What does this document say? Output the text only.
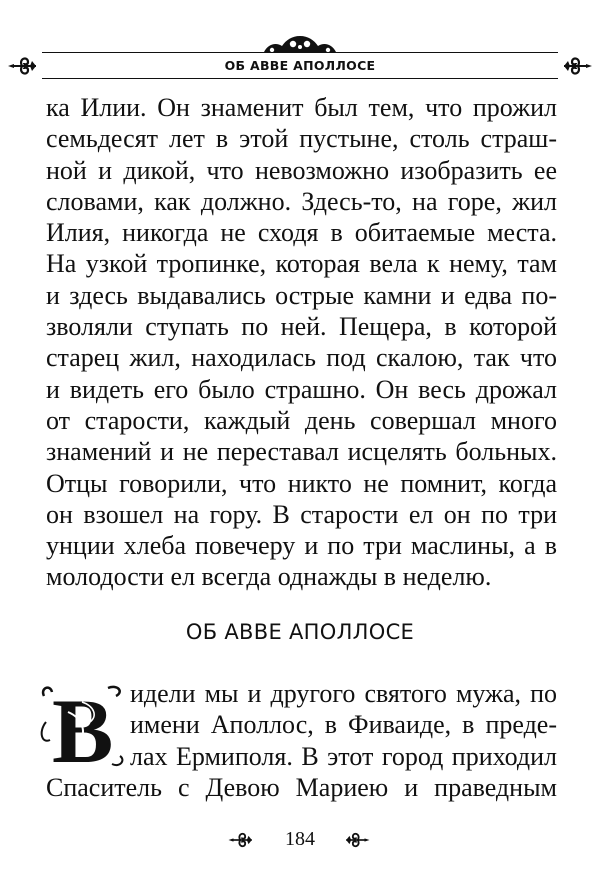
ОБ АВВЕ АПОЛЛОСЕ
ка Илии. Он знаменит был тем, что прожил
семьдесят лет в этой пустыне, столь страш-
ной и дикой, что невозможно изобразить ее
словами, как должно. Здесь-то, на горе, жил
Илия, никогда не сходя в обитаемые места.
На узкой тропинке, которая вела к нему, там
и здесь выдавались острые камни и едва по-
зволяли ступать по ней. Пещера, в которой
старец жил, находилась под скалою, так что
и видеть его было страшно. Он весь дрожал
от старости, каждый день совершал много
знамений и не переставал исцелять больных.
Отцы говорили, что никто не помнит, когда
он взошел на гору. В старости ел он по три
унции хлеба повечеру и по три маслины, а в
молодости ел всегда однажды в неделю.
ОБ АВВЕ АПОЛЛОСЕ
В идели мы и другого святого мужа, по
имени Аполлос, в Фиваиде, в преде-
лах Ермиполя. В этот город приходил
Спаситель с Девою Мариею и праведным
184
